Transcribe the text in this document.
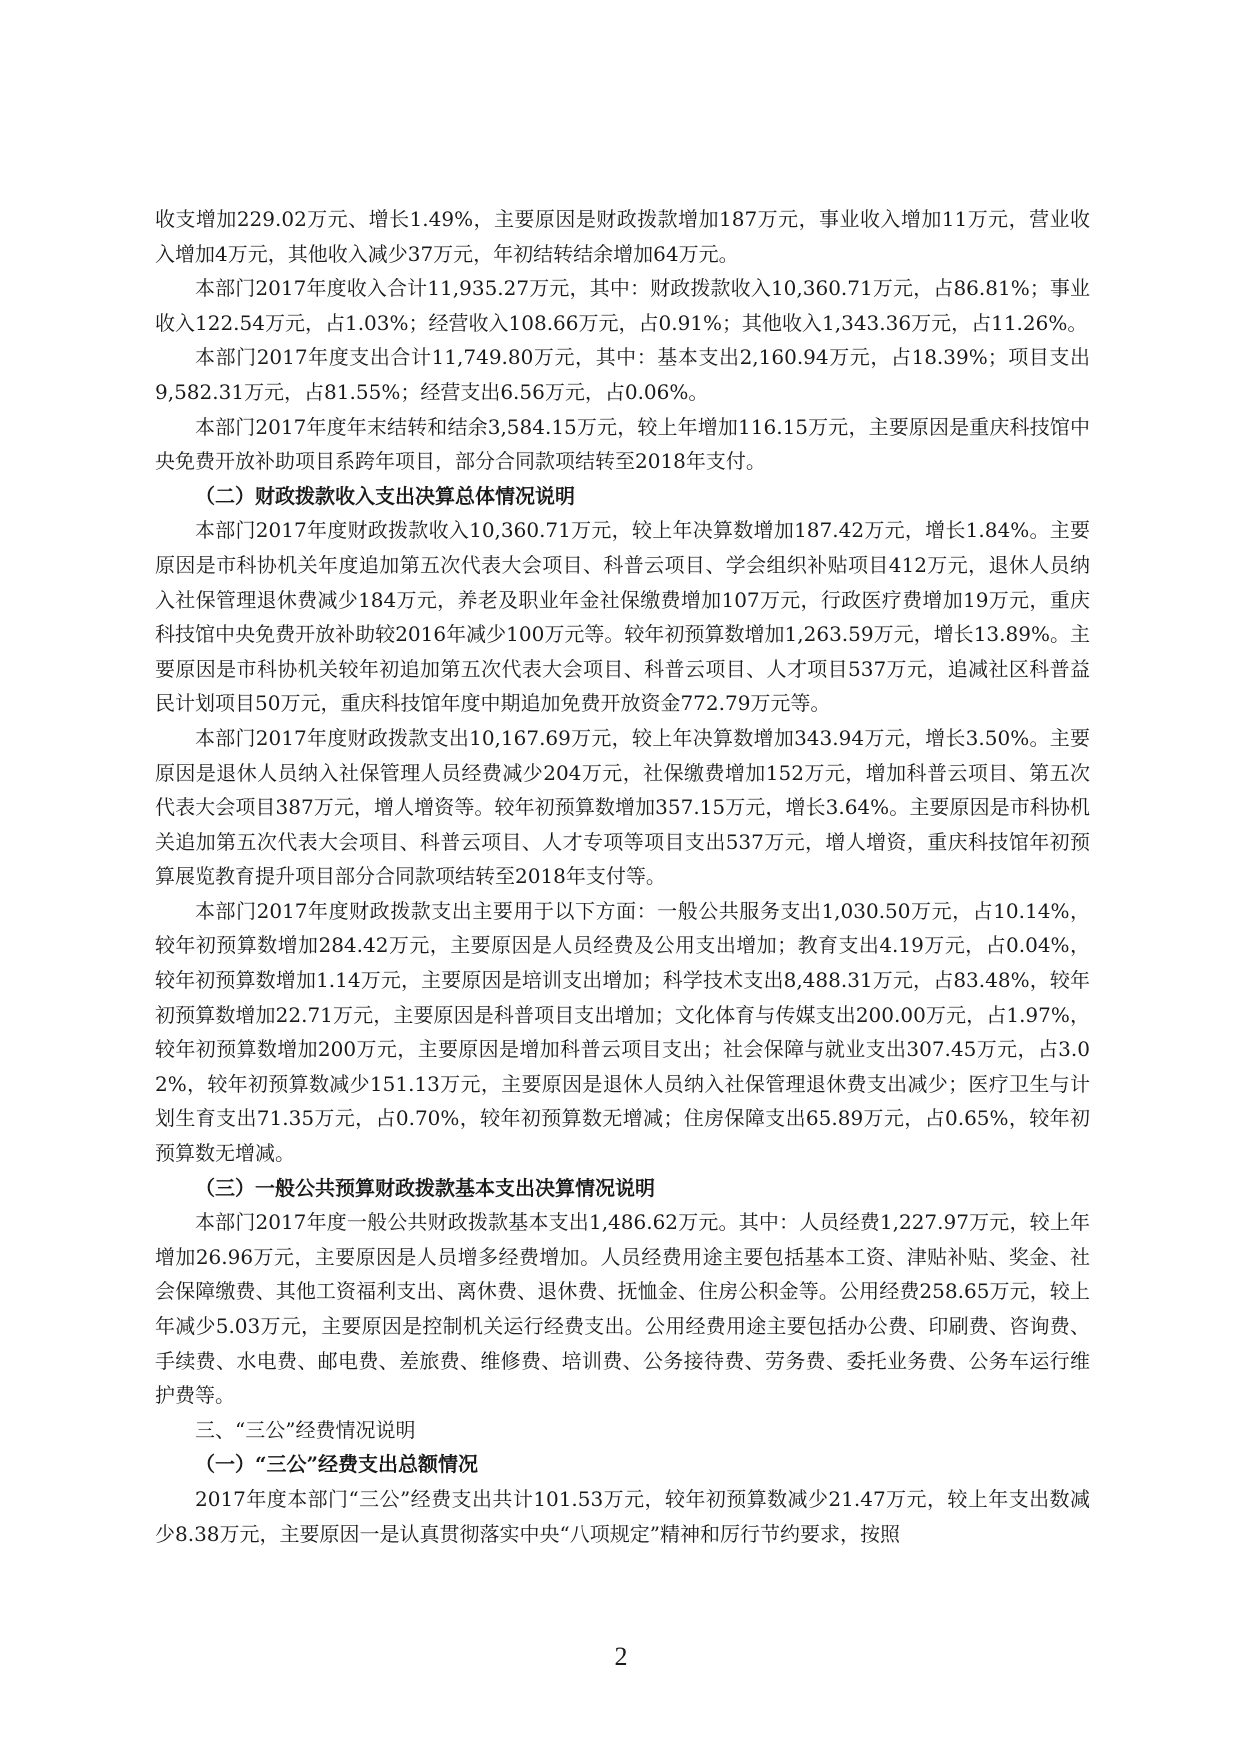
收支增加229.02万元、增长1.49%，主要原因是财政拨款增加187万元，事业收入增加11万元，营业收入增加4万元，其他收入减少37万元，年初结转结余增加64万元。

本部门2017年度收入合计11,935.27万元，其中：财政拨款收入10,360.71万元，占86.81%；事业收入122.54万元，占1.03%；经营收入108.66万元，占0.91%；其他收入1,343.36万元，占11.26%。

本部门2017年度支出合计11,749.80万元，其中：基本支出2,160.94万元，占18.39%；项目支出9,582.31万元，占81.55%；经营支出6.56万元，占0.06%。

本部门2017年度年末结转和结余3,584.15万元，较上年增加116.15万元，主要原因是重庆科技馆中央免费开放补助项目系跨年项目，部分合同款项结转至2018年支付。

（二）财政拨款收入支出决算总体情况说明

本部门2017年度财政拨款收入10,360.71万元，较上年决算数增加187.42万元，增长1.84%。主要原因是市科协机关年度追加第五次代表大会项目、科普云项目、学会组织补贴项目412万元，退休人员纳入社保管理退休费减少184万元，养老及职业年金社保缴费增加107万元，行政医疗费增加19万元，重庆科技馆中央免费开放补助较2016年减少100万元等。较年初预算数增加1,263.59万元，增长13.89%。主要原因是市科协机关较年初追加第五次代表大会项目、科普云项目、人才项目537万元，追减社区科普益民计划项目50万元，重庆科技馆年度中期追加免费开放资金772.79万元等。

本部门2017年度财政拨款支出10,167.69万元，较上年决算数增加343.94万元，增长3.50%。主要原因是退休人员纳入社保管理人员经费减少204万元，社保缴费增加152万元，增加科普云项目、第五次代表大会项目387万元，增人增资等。较年初预算数增加357.15万元，增长3.64%。主要原因是市科协机关追加第五次代表大会项目、科普云项目、人才专项等项目支出537万元，增人增资，重庆科技馆年初预算展览教育提升项目部分合同款项结转至2018年支付等。

本部门2017年度财政拨款支出主要用于以下方面：一般公共服务支出1,030.50万元，占10.14%，较年初预算数增加284.42万元，主要原因是人员经费及公用支出增加；教育支出4.19万元，占0.04%，较年初预算数增加1.14万元，主要原因是培训支出增加；科学技术支出8,488.31万元，占83.48%，较年初预算数增加22.71万元，主要原因是科普项目支出增加；文化体育与传媒支出200.00万元，占1.97%，较年初预算数增加200万元，主要原因是增加科普云项目支出；社会保障与就业支出307.45万元，占3.02%，较年初预算数减少151.13万元，主要原因是退休人员纳入社保管理退休费支出减少；医疗卫生与计划生育支出71.35万元，占0.70%，较年初预算数无增减；住房保障支出65.89万元，占0.65%，较年初预算数无增减。

（三）一般公共预算财政拨款基本支出决算情况说明

本部门2017年度一般公共财政拨款基本支出1,486.62万元。其中：人员经费1,227.97万元，较上年增加26.96万元，主要原因是人员增多经费增加。人员经费用途主要包括基本工资、津贴补贴、奖金、社会保障缴费、其他工资福利支出、离休费、退休费、抚恤金、住房公积金等。公用经费258.65万元，较上年减少5.03万元，主要原因是控制机关运行经费支出。公用经费用途主要包括办公费、印刷费、咨询费、手续费、水电费、邮电费、差旅费、维修费、培训费、公务接待费、劳务费、委托业务费、公务车运行维护费等。

三、“三公”经费情况说明

（一）“三公”经费支出总额情况

2017年度本部门“三公”经费支出共计101.53万元，较年初预算数减少21.47万元，较上年支出数减少8.38万元，主要原因一是认真贯彻落实中央“八项规定”精神和厉行节约要求，按照

2
